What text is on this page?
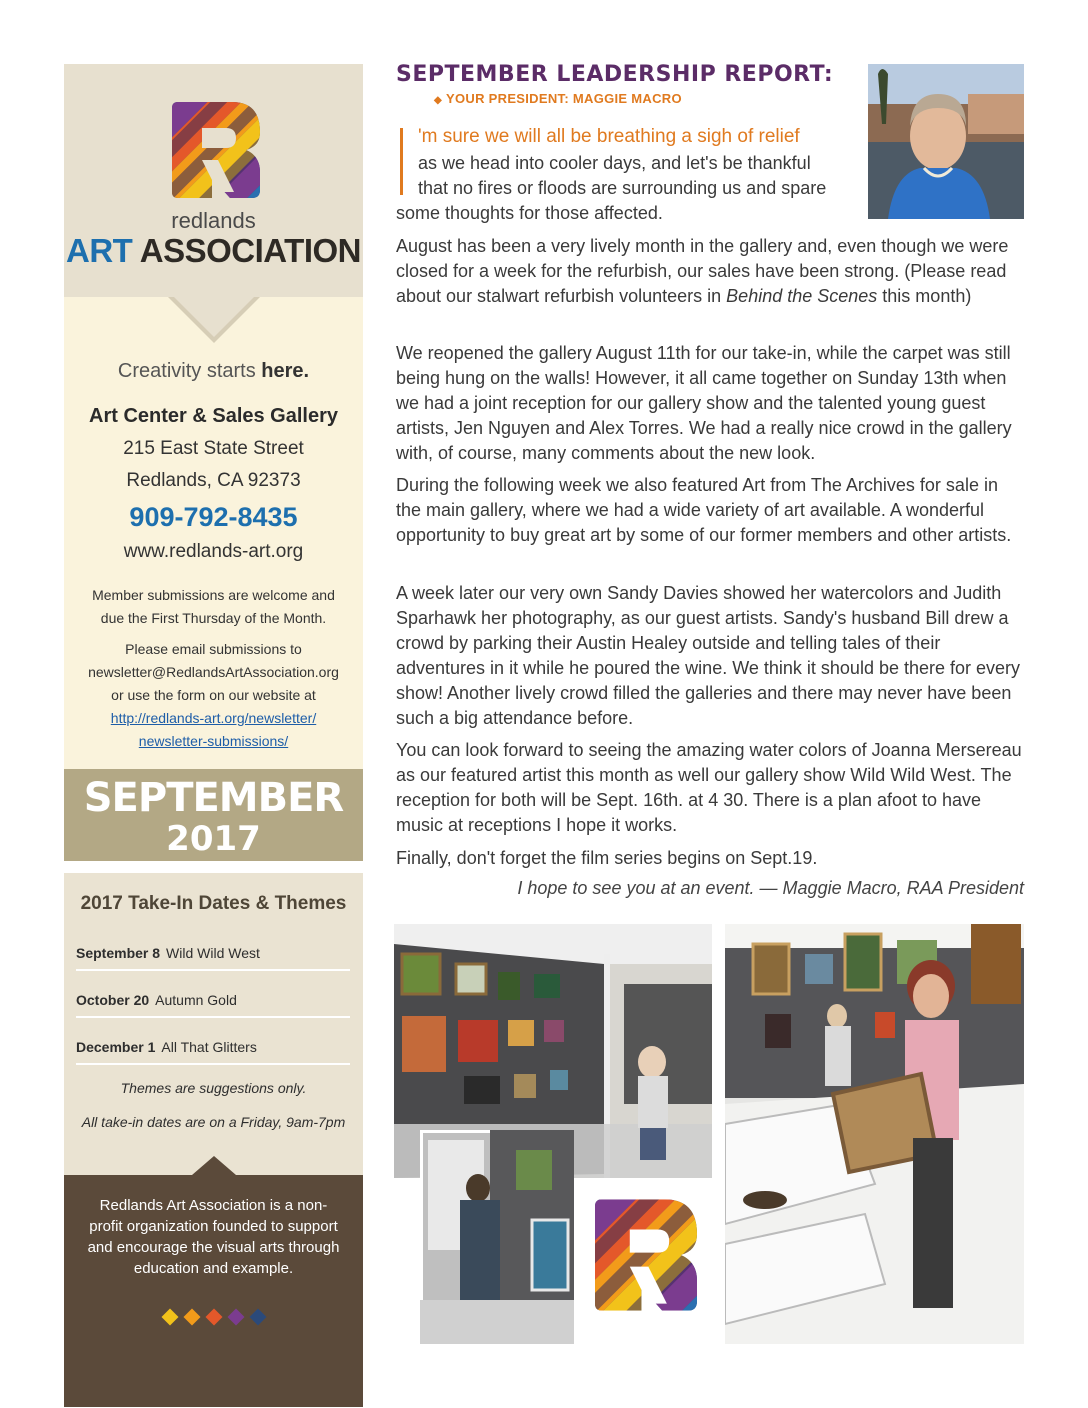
redlands
ART ASSOCIATION
Creativity starts here.
Art Center & Sales Gallery
215 East State Street
Redlands, CA 92373
909-792-8435
www.redlands-art.org
Member submissions are welcome and
due the First Thursday of the Month.
Please email submissions to
newsletter@RedlandsArtAssociation.org
or use the form on our website at
http://redlands-art.org/newsletter/
newsletter-submissions/
SEPTEMBER
2017
2017 Take-In Dates & Themes
September 8 Wild Wild West
October 20 Autumn Gold
December 1 All That Glitters
Themes are suggestions only.
All take-in dates are on a Friday, 9am-7pm
Redlands Art Association is a non-
profit organization founded to support
and encourage the visual arts through
education and example.
SEPTEMBER LEADERSHIP REPORT:
◆ YOUR PRESIDENT: MAGGIE MACRO
'm sure we will all be breathing a sigh of relief
as we head into cooler days, and let's be thankful
that no fires or floods are surrounding us and spare
some thoughts for those affected.

August has been a very lively month in the gallery and, even though we were closed for a week for the refurbish, our sales have been strong. (Please read about our stalwart refurbish volunteers in Behind the Scenes this month)

We reopened the gallery August 11th for our take-in, while the carpet was still being hung on the walls! However, it all came together on Sunday 13th when we had a joint reception for our gallery show and the talented young guest artists, Jen Nguyen and Alex Torres. We had a really nice crowd in the gallery with, of course, many comments about the new look.

During the following week we also featured Art from The Archives for sale in the main gallery, where we had a wide variety of art available. A wonderful opportunity to buy great art by some of our former members and other artists.

A week later our very own Sandy Davies showed her watercolors and Judith Sparhawk her photography, as our guest artists. Sandy's husband Bill drew a crowd by parking their Austin Healey outside and telling tales of their adventures in it while he poured the wine. We think it should be there for every show! Another lively crowd filled the galleries and there may never have been such a big attendance before.

You can look forward to seeing the amazing water colors of Joanna Mersereau as our featured artist this month as well our gallery show Wild Wild West. The reception for both will be Sept. 16th. at 4 30. There is a plan afoot to have music at receptions I hope it works.

Finally, don't forget the film series begins on Sept.19.

I hope to see you at an event. — Maggie Macro, RAA President
